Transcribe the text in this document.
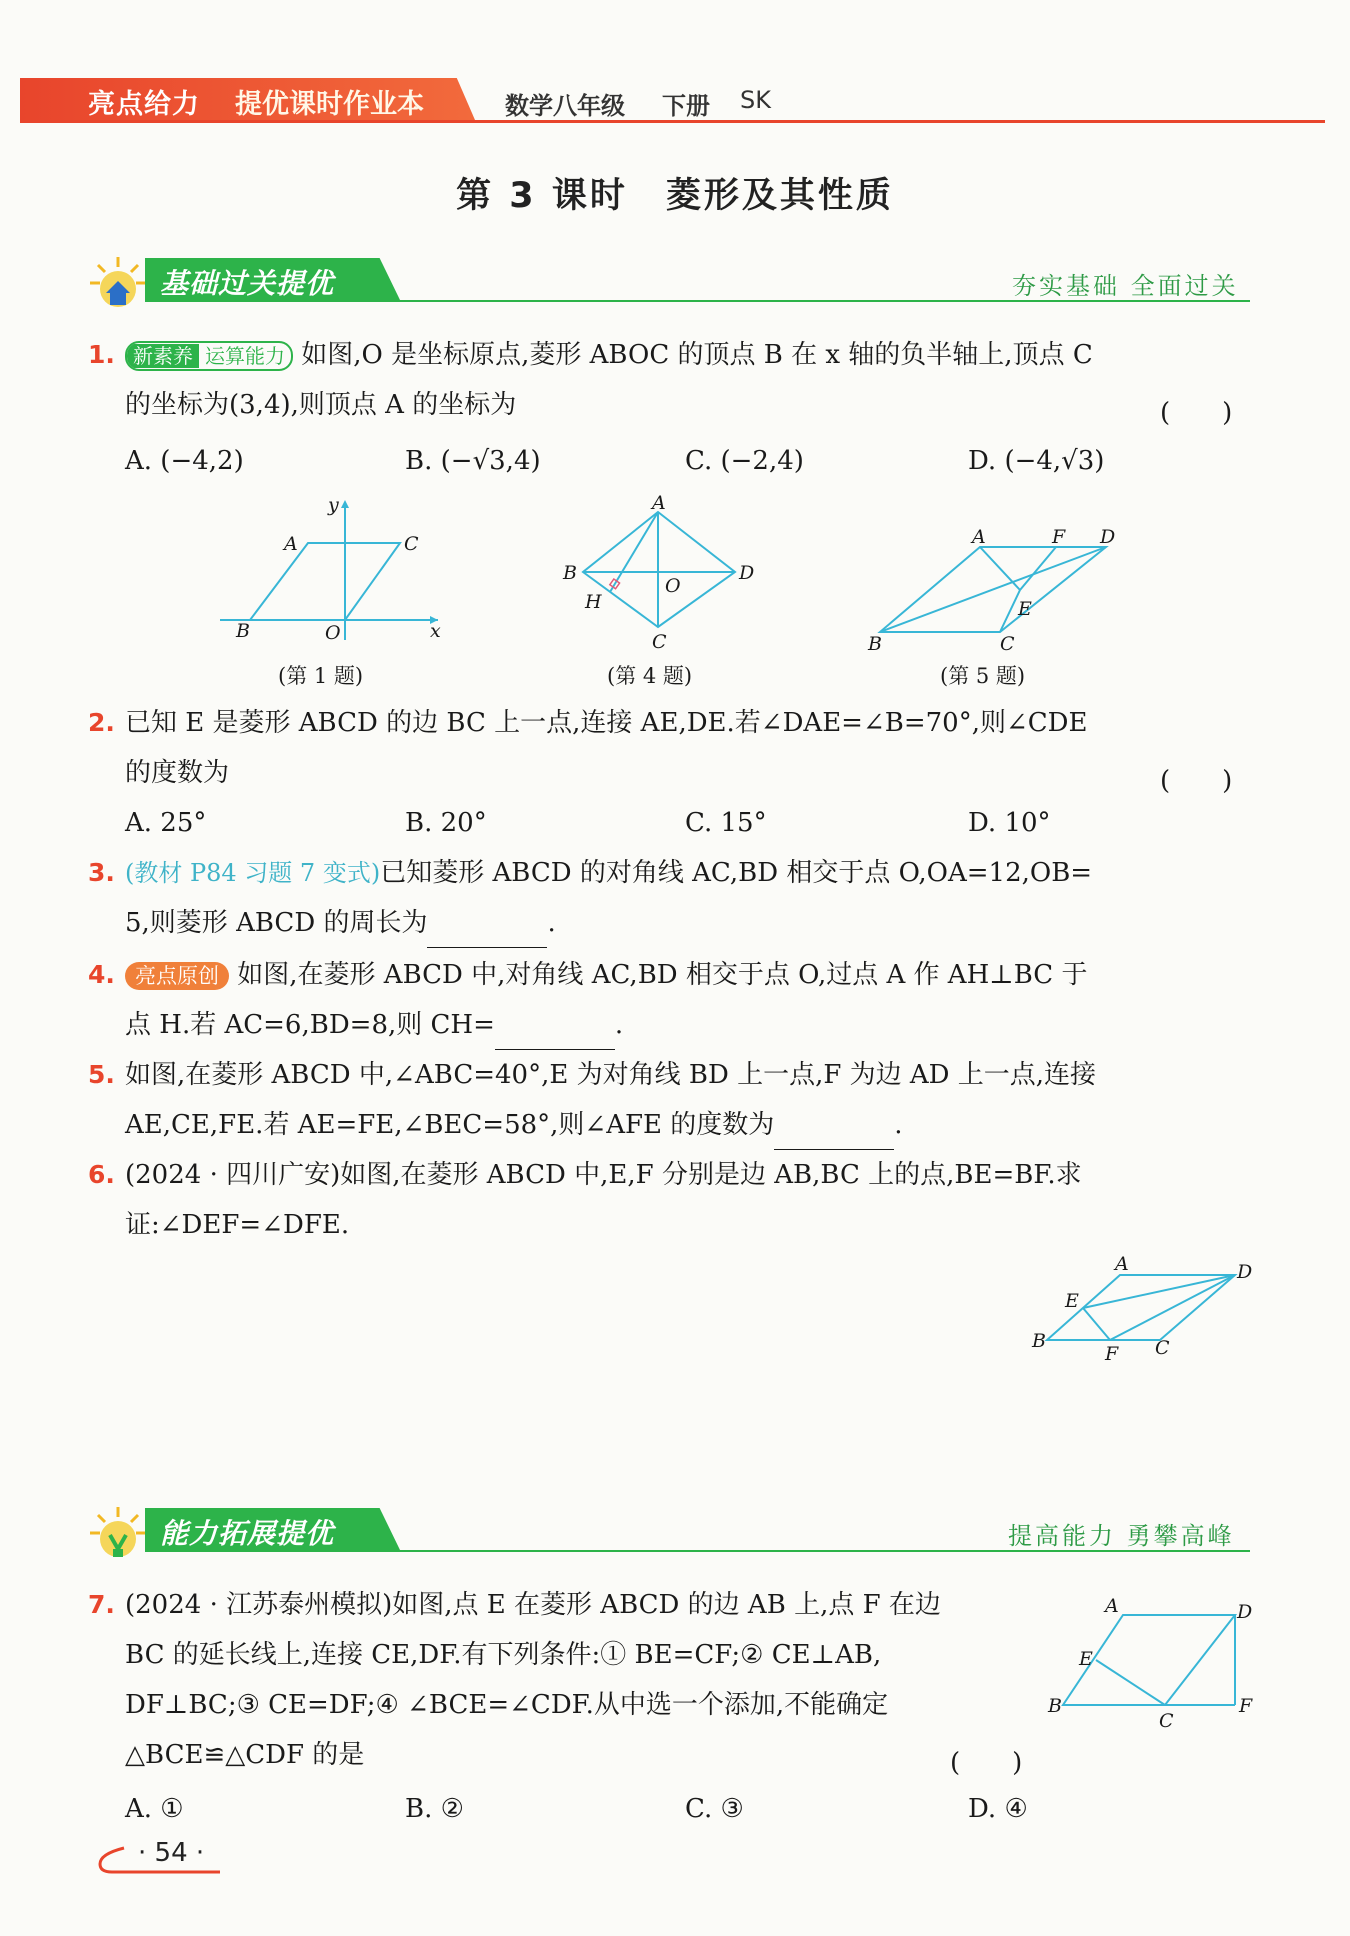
亮点给力 提优课时作业本	数学八年级 下册 SK
第 3 课时　菱形及其性质
基础过关提优	夯实基础 全面过关
1. 新素养 运算能力 如图,O 是坐标原点,菱形 ABOC 的顶点 B 在 x 轴的负半轴上,顶点 C
的坐标为(3,4),则顶点 A 的坐标为	(　　)
A. (−4,2)	B. (−√3,4)	C. (−2,4)	D. (−4,√3)
y
A	C
B	O	x
(第 1 题)
A
B	D
O
H
C
(第 4 题)
A	F D
E
B	C
(第 5 题)
2. 已知 E 是菱形 ABCD 的边 BC 上一点,连接 AE,DE.若∠DAE=∠B=70°,则∠CDE
的度数为	(　　)
A. 25°	B. 20°	C. 15°	D. 10°
3. (教材 P84 习题 7 变式)已知菱形 ABCD 的对角线 AC,BD 相交于点 O,OA=12,OB=
5,则菱形 ABCD 的周长为	.
4. 亮点原创 如图,在菱形 ABCD 中,对角线 AC,BD 相交于点 O,过点 A 作 AH⊥BC 于
点 H.若 AC=6,BD=8,则 CH=	.
5. 如图,在菱形 ABCD 中,∠ABC=40°,E 为对角线 BD 上一点,F 为边 AD 上一点,连接
AE,CE,FE.若 AE=FE,∠BEC=58°,则∠AFE 的度数为	.
6. (2024 · 四川广安)如图,在菱形 ABCD 中,E,F 分别是边 AB,BC 上的点,BE=BF.求
证:∠DEF=∠DFE.
A	D
E
B
F C
能力拓展提优	提高能力 勇攀高峰
7. (2024 · 江苏泰州模拟)如图,点 E 在菱形 ABCD 的边 AB 上,点 F 在边
BC 的延长线上,连接 CE,DF.有下列条件:① BE=CF;② CE⊥AB,
DF⊥BC;③ CE=DF;④ ∠BCE=∠CDF.从中选一个添加,不能确定
△BCE≌△CDF 的是	(　　)
A. ①	B. ②	C. ③	D. ④
A	D
E
B
C
F
· 54 ·
